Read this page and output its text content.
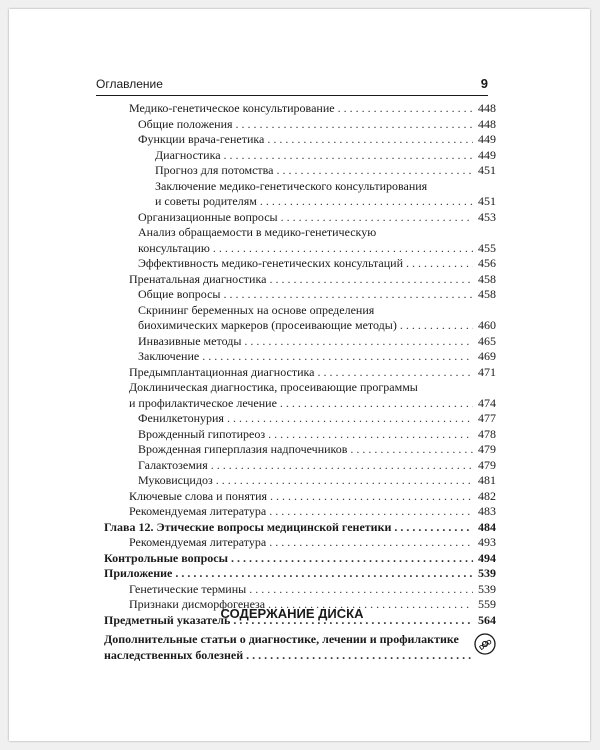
Оглавление	9
Медико-генетическое консультирование . . .	448
Общие положения . . .	448
Функции врача-генетика . . .	449
Диагностика . . .	449
Прогноз для потомства . . .	451
Заключение медико-генетического консультирования
и советы родителям . . .	451
Организационные вопросы . . .	453
Анализ обращаемости в медико-генетическую
консультацию . . .	455
Эффективность медико-генетических консультаций . . .	456
Пренатальная диагностика . . .	458
Общие вопросы . . .	458
Скрининг беременных на основе определения
биохимических маркеров (просеивающие методы) . . .	460
Инвазивные методы . . .	465
Заключение . . .	469
Предымплантационная диагностика . . .	471
Доклиническая диагностика, просеивающие программы
и профилактическое лечение . . .	474
Фенилкетонурия . . .	477
Врожденный гипотиреоз . . .	478
Врожденная гиперплазия надпочечников . . .	479
Галактоземия . . .	479
Муковисцидоз . . .	481
Ключевые слова и понятия . . .	482
Рекомендуемая литература . . .	483
Глава 12. Этические вопросы медицинской генетики . . .	484
Рекомендуемая литература . . .	493
Контрольные вопросы . . .	494
Приложение . . .	539
Генетические термины . . .	539
Признаки дисморфогенеза . . .	559
Предметный указатель . . .	564
СОДЕРЖАНИЕ ДИСКА
Дополнительные статьи о диагностике, лечении и профилактике
наследственных болезней
. . .
DVD
